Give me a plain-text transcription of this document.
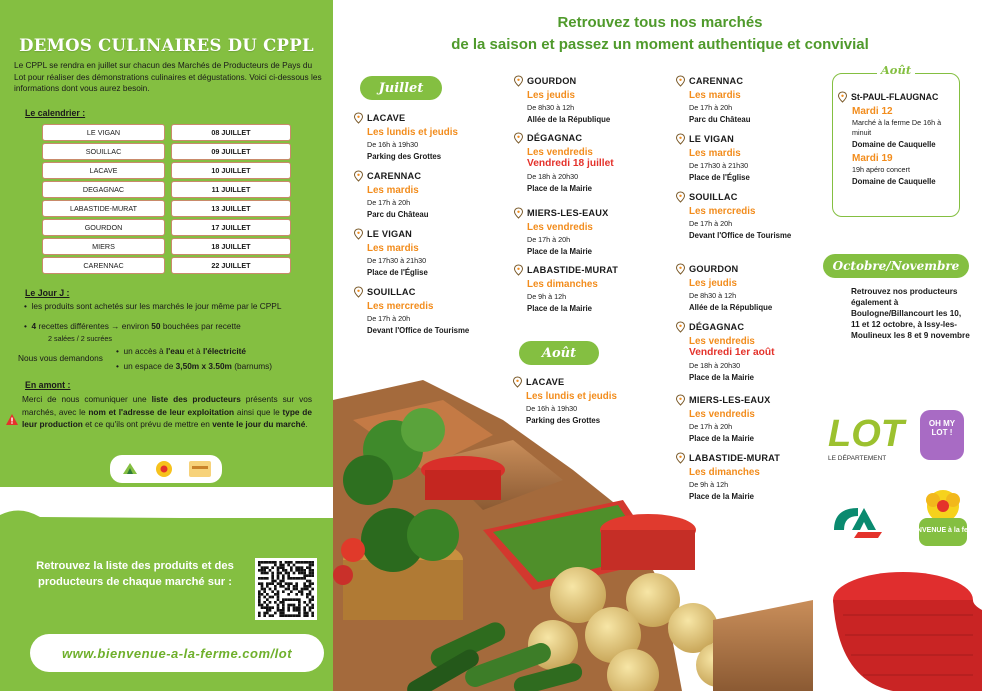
DEMOS CULINAIRES DU CPPL
Le CPPL se rendra en juillet sur chacun des Marchés de Producteurs de Pays du Lot pour réaliser des démonstrations culinaires et dégustations. Voici ci-dessous les informations dont vous aurez besoin.
Le calendrier :
LE VIGAN	08 JUILLET
SOUILLAC	09 JUILLET
LACAVE	10 JUILLET
DEGAGNAC	11 JUILLET
LABASTIDE-MURAT	13 JUILLET
GOURDON	17 JUILLET
MIERS	18 JUILLET
CARENNAC	22 JUILLET
Le Jour J :
•  les produits sont achetés sur les marchés le jour même par le CPPL
•  4 recettes différentes → environ 50 bouchées par recette
2 salées / 2 sucrées
•  un accès à l'eau et à l'électricité
Nous vous demandons
•  un espace de 3,50m x 3.50m (barnums)
En amont :
Merci de nous comuniquer une liste des producteurs présents sur vos marchés, avec le nom et l'adresse de leur exploitation ainsi que le type de leur production et ce qu'ils ont prévu de mettre en vente le jour du marché.
Retrouvez la liste des produits et des producteurs de chaque marché sur :
www.bienvenue-a-la-ferme.com/lot
Retrouvez tous nos marchés
de la saison et passez un moment authentique et convivial
Juillet
Août
LACAVE
Les lundis et jeudis
De 16h à 19h30
Parking des Grottes
CARENNAC
Les mardis
De 17h à 20h
Parc du Château
LE VIGAN
Les mardis
De 17h30 à 21h30
Place de l'Église
SOUILLAC
Les mercredis
De 17h à 20h
Devant l'Office de Tourisme
GOURDON
Les jeudis
De 8h30 à 12h
Allée de la République
DÉGAGNAC
Les vendredis
Vendredi 18 juillet
De 18h à 20h30
Place de la Mairie
MIERS-LES-EAUX
Les vendredis
De 17h à 20h
Place de la Mairie
LABASTIDE-MURAT
Les dimanches
De 9h à 12h
Place de la Mairie
LACAVE
Les lundis et jeudis
De 16h à 19h30
Parking des Grottes
CARENNAC
Les mardis
De 17h à 20h
Parc du Château
LE VIGAN
Les mardis
De 17h30 à 21h30
Place de l'Église
SOUILLAC
Les mercredis
De 17h à 20h
Devant l'Office de Tourisme
GOURDON
Les jeudis
De 8h30 à 12h
Allée de la République
DÉGAGNAC
Les vendredis
Vendredi 1er août
De 18h à 20h30
Place de la Mairie
MIERS-LES-EAUX
Les vendredis
De 17h à 20h
Place de la Mairie
LABASTIDE-MURAT
Les dimanches
De 9h à 12h
Place de la Mairie
Août
St-PAUL-FLAUGNAC
Mardi 12
Marché à la ferme De 16h à minuit
Domaine de Cauquelle
Mardi 19
19h apéro concert
Domaine de Cauquelle
Octobre/Novembre
Retrouvez nos producteurs également à Boulogne/Billancourt les 10, 11 et 12 octobre, à Issy-les-Moulineux les 8 et 9 novembre
LOT
LE DÉPARTEMENT
OH MY LOT !
BIENVENUE à la ferme
